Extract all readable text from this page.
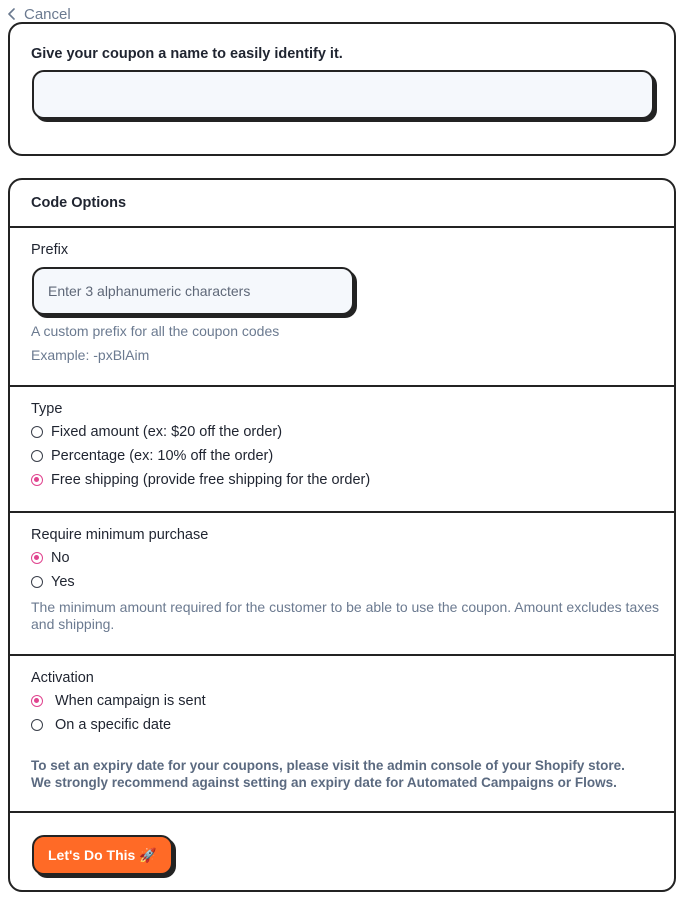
Cancel
Give your coupon a name to easily identify it.
Code Options
Prefix
Enter 3 alphanumeric characters
A custom prefix for all the coupon codes
Example: -pxBlAim
Type
Fixed amount (ex: $20 off the order)
Percentage (ex: 10% off the order)
Free shipping (provide free shipping for the order)
Require minimum purchase
No
Yes
The minimum amount required for the customer to be able to use the coupon. Amount excludes taxes and shipping.
Activation
When campaign is sent
On a specific date
To set an expiry date for your coupons, please visit the admin console of your Shopify store.
We strongly recommend against setting an expiry date for Automated Campaigns or Flows.
Let's Do This 🚀
